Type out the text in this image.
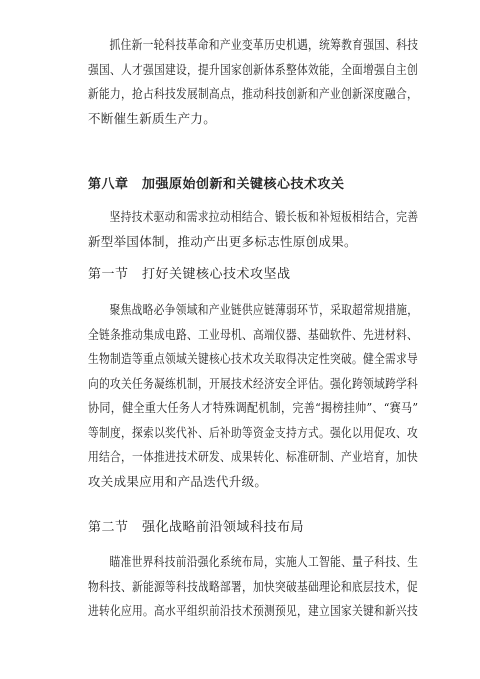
抓住新一轮科技革命和产业变革历史机遇，统筹教育强国、科技
强国、人才强国建设，提升国家创新体系整体效能，全面增强自主创
新能力，抢占科技发展制高点，推动科技创新和产业创新深度融合，
不断催生新质生产力。

第八章　加强原始创新和关键核心技术攻关

坚持技术驱动和需求拉动相结合、锻长板和补短板相结合，完善
新型举国体制，推动产出更多标志性原创成果。

第一节　打好关键核心技术攻坚战

聚焦战略必争领域和产业链供应链薄弱环节，采取超常规措施，
全链条推动集成电路、工业母机、高端仪器、基础软件、先进材料、
生物制造等重点领域关键核心技术攻关取得决定性突破。健全需求导
向的攻关任务凝练机制，开展技术经济安全评估。强化跨领域跨学科
协同，健全重大任务人才特殊调配机制，完善“揭榜挂帅”、“赛马”
等制度，探索以奖代补、后补助等资金支持方式。强化以用促攻、攻
用结合，一体推进技术研发、成果转化、标准研制、产业培育，加快
攻关成果应用和产品迭代升级。

第二节　强化战略前沿领域科技布局

瞄准世界科技前沿强化系统布局，实施人工智能、量子科技、生
物科技、新能源等科技战略部署，加快突破基础理论和底层技术，促
进转化应用。高水平组织前沿技术预测预见，建立国家关键和新兴技
